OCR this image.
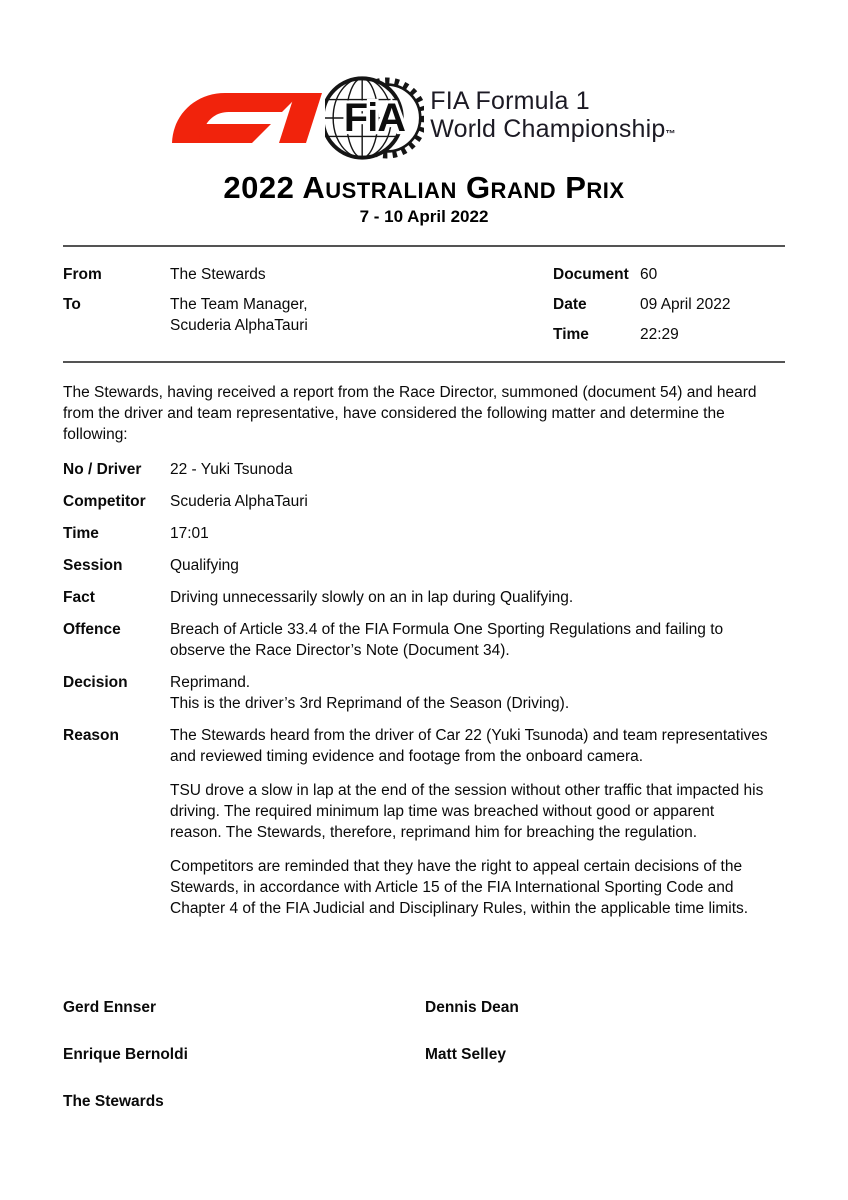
FiA FIA Formula 1
World Championship™
2022 Australian Grand Prix
7 - 10 April 2022
From	The Stewards
To	The Team Manager,
Scuderia AlphaTauri
Document 60
Date	09 April 2022
Time	22:29

The Stewards, having received a report from the Race Director, summoned (document 54) and heard from the driver and team representative, have considered the following matter and determine the following:

No / Driver	22 - Yuki Tsunoda
Competitor	Scuderia AlphaTauri
Time	17:01
Session	Qualifying
Fact	Driving unnecessarily slowly on an in lap during Qualifying.
Offence	Breach of Article 33.4 of the FIA Formula One Sporting Regulations and failing to observe the Race Director’s Note (Document 34).
Decision	Reprimand.
This is the driver’s 3rd Reprimand of the Season (Driving).
Reason	The Stewards heard from the driver of Car 22 (Yuki Tsunoda) and team representatives and reviewed timing evidence and footage from the onboard camera.

TSU drove a slow in lap at the end of the session without other traffic that impacted his driving. The required minimum lap time was breached without good or apparent reason. The Stewards, therefore, reprimand him for breaching the regulation.

Competitors are reminded that they have the right to appeal certain decisions of the Stewards, in accordance with Article 15 of the FIA International Sporting Code and Chapter 4 of the FIA Judicial and Disciplinary Rules, within the applicable time limits.

Gerd Ennser	Dennis Dean
Enrique Bernoldi	Matt Selley
The Stewards
